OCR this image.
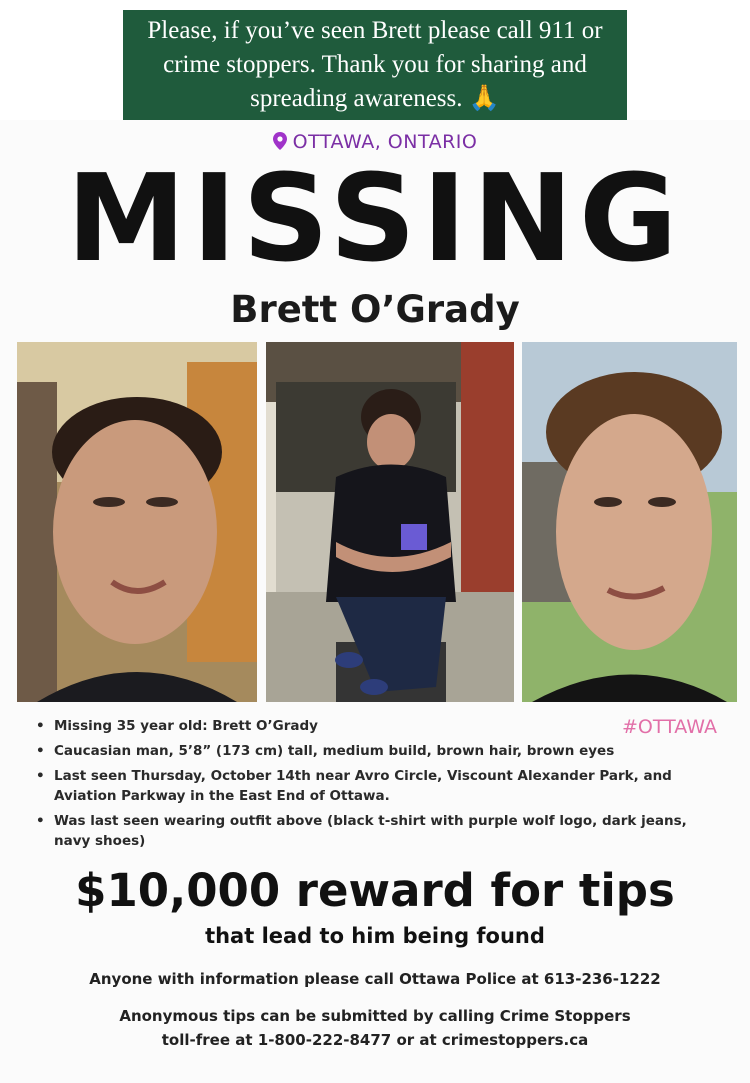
Please, if you’ve seen Brett please call 911 or crime stoppers. Thank you for sharing and spreading awareness. 🙏
OTTAWA, ONTARIO
MISSING
Brett O’Grady
#OTTAWA
• Missing 35 year old: Brett O’Grady
• Caucasian man, 5’8” (173 cm) tall, medium build, brown hair, brown eyes
• Last seen Thursday, October 14th near Avro Circle, Viscount Alexander Park, and Aviation Parkway in the East End of Ottawa.
• Was last seen wearing outfit above (black t-shirt with purple wolf logo, dark jeans, navy shoes)
$10,000 reward for tips
that lead to him being found
Anyone with information please call Ottawa Police at 613-236-1222
Anonymous tips can be submitted by calling Crime Stoppers
toll-free at 1-800-222-8477 or at crimestoppers.ca
